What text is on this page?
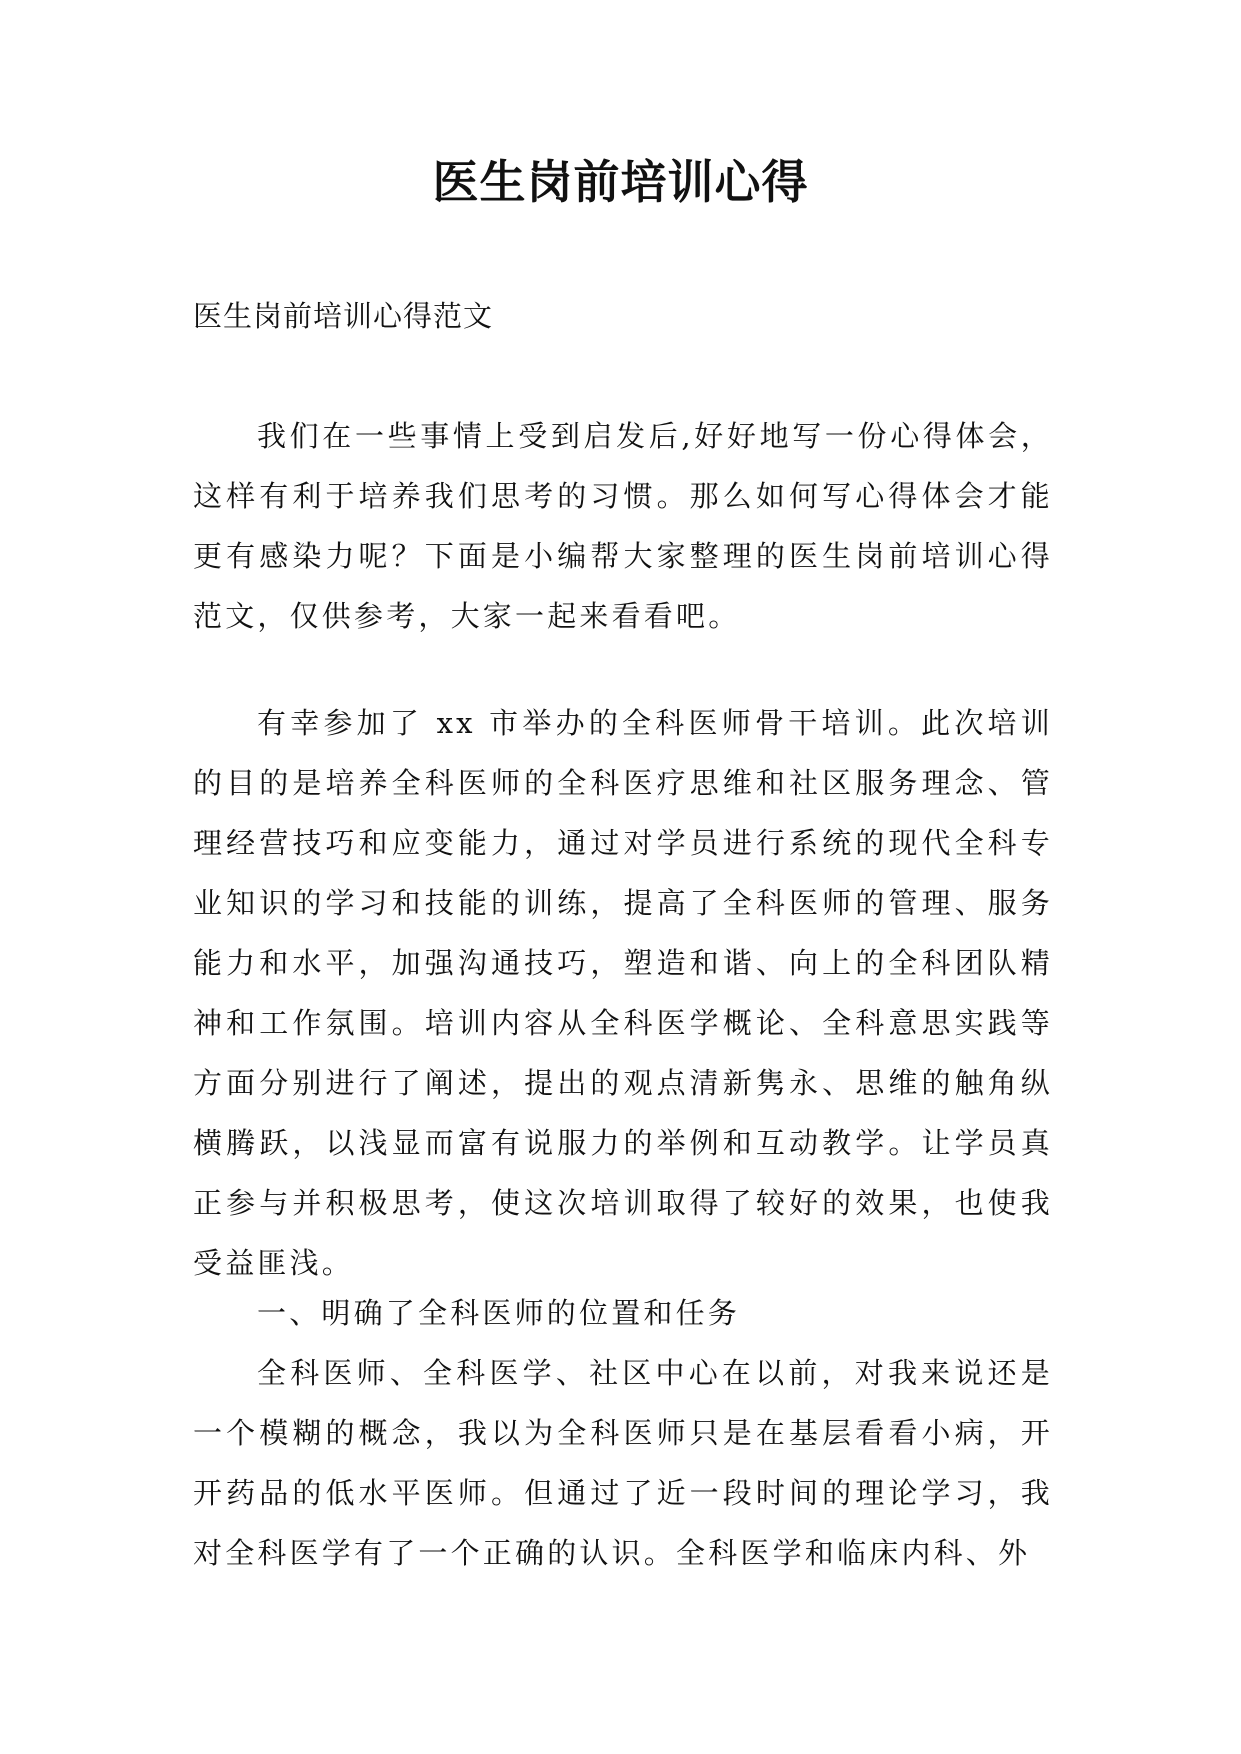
医生岗前培训心得

医生岗前培训心得范文

我们在一些事情上受到启发后,好好地写一份心得体会，这样有利于培养我们思考的习惯。那么如何写心得体会才能更有感染力呢？下面是小编帮大家整理的医生岗前培训心得范文，仅供参考，大家一起来看看吧。

有幸参加了 xx 市举办的全科医师骨干培训。此次培训的目的是培养全科医师的全科医疗思维和社区服务理念、管理经营技巧和应变能力，通过对学员进行系统的现代全科专业知识的学习和技能的训练，提高了全科医师的管理、服务能力和水平，加强沟通技巧，塑造和谐、向上的全科团队精神和工作氛围。培训内容从全科医学概论、全科意思实践等方面分别进行了阐述，提出的观点清新隽永、思维的触角纵横腾跃，以浅显而富有说服力的举例和互动教学。让学员真正参与并积极思考，使这次培训取得了较好的效果，也使我受益匪浅。

一、明确了全科医师的位置和任务

全科医师、全科医学、社区中心在以前，对我来说还是一个模糊的概念，我以为全科医师只是在基层看看小病，开开药品的低水平医师。但通过了近一段时间的理论学习，我对全科医学有了一个正确的认识。全科医学和临床内科、外
